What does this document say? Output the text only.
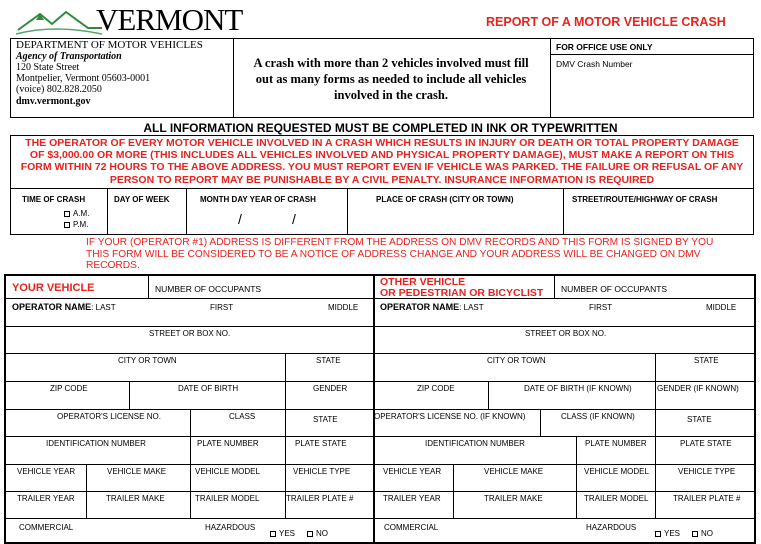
VERMONT	REPORT OF A MOTOR VEHICLE CRASH
DEPARTMENT OF MOTOR VEHICLES
Agency of Transportation
120 State Street
Montpelier, Vermont 05603-0001
(voice) 802.828.2050
dmv.vermont.gov
A crash with more than 2 vehicles involved must fill out as many forms as needed to include all vehicles involved in the crash.
FOR OFFICE USE ONLY
DMV Crash Number
ALL INFORMATION REQUESTED MUST BE COMPLETED IN INK OR TYPEWRITTEN
THE OPERATOR OF EVERY MOTOR VEHICLE INVOLVED IN A CRASH WHICH RESULTS IN INJURY OR DEATH OR TOTAL PROPERTY DAMAGE OF $3,000.00 OR MORE (THIS INCLUDES ALL VEHICLES INVOLVED AND PHYSICAL PROPERTY DAMAGE), MUST MAKE A REPORT ON THIS FORM WITHIN 72 HOURS TO THE ABOVE ADDRESS. YOU MUST REPORT EVEN IF VEHICLE WAS PARKED. THE FAILURE OR REFUSAL OF ANY PERSON TO REPORT MAY BE PUNISHABLE BY A CIVIL PENALTY. INSURANCE INFORMATION IS REQUIRED
TIME OF CRASH
A.M.
P.M.
DAY OF WEEK	MONTH DAY YEAR OF CRASH
/	/
PLACE OF CRASH (CITY OR TOWN)	STREET/ROUTE/HIGHWAY OF CRASH
IF YOUR (OPERATOR #1) ADDRESS IS DIFFERENT FROM THE ADDRESS ON DMV RECORDS AND THIS FORM IS SIGNED BY YOU THIS FORM WILL BE CONSIDERED TO BE A NOTICE OF ADDRESS CHANGE AND YOUR ADDRESS WILL BE CHANGED ON DMV RECORDS.
YOUR VEHICLE	NUMBER OF OCCUPANTS
OPERATOR NAME: LAST	FIRST	MIDDLE
STREET OR BOX NO.
CITY OR TOWN	STATE
ZIP CODE	DATE OF BIRTH	GENDER
OPERATOR'S LICENSE NO.	CLASS	STATE
IDENTIFICATION NUMBER	PLATE NUMBER	PLATE STATE
VEHICLE YEAR	VEHICLE MAKE	VEHICLE MODEL	VEHICLE TYPE
TRAILER YEAR	TRAILER MAKE	TRAILER MODEL	TRAILER PLATE #
COMMERCIAL	HAZARDOUS
YES	NO
OTHER VEHICLE
OR PEDESTRIAN OR BICYCLIST NUMBER OF OCCUPANTS
OPERATOR NAME: LAST	FIRST	MIDDLE
STREET OR BOX NO.
CITY OR TOWN	STATE
ZIP CODE	DATE OF BIRTH (IF KNOWN)	GENDER (IF KNOWN)
OPERATOR'S LICENSE NO. (IF KNOWN)	CLASS (IF KNOWN)	STATE
IDENTIFICATION NUMBER	PLATE NUMBER	PLATE STATE
VEHICLE YEAR	VEHICLE MAKE	VEHICLE MODEL	VEHICLE TYPE
TRAILER YEAR	TRAILER MAKE	TRAILER MODEL	TRAILER PLATE #
COMMERCIAL	HAZARDOUS
YES	NO
